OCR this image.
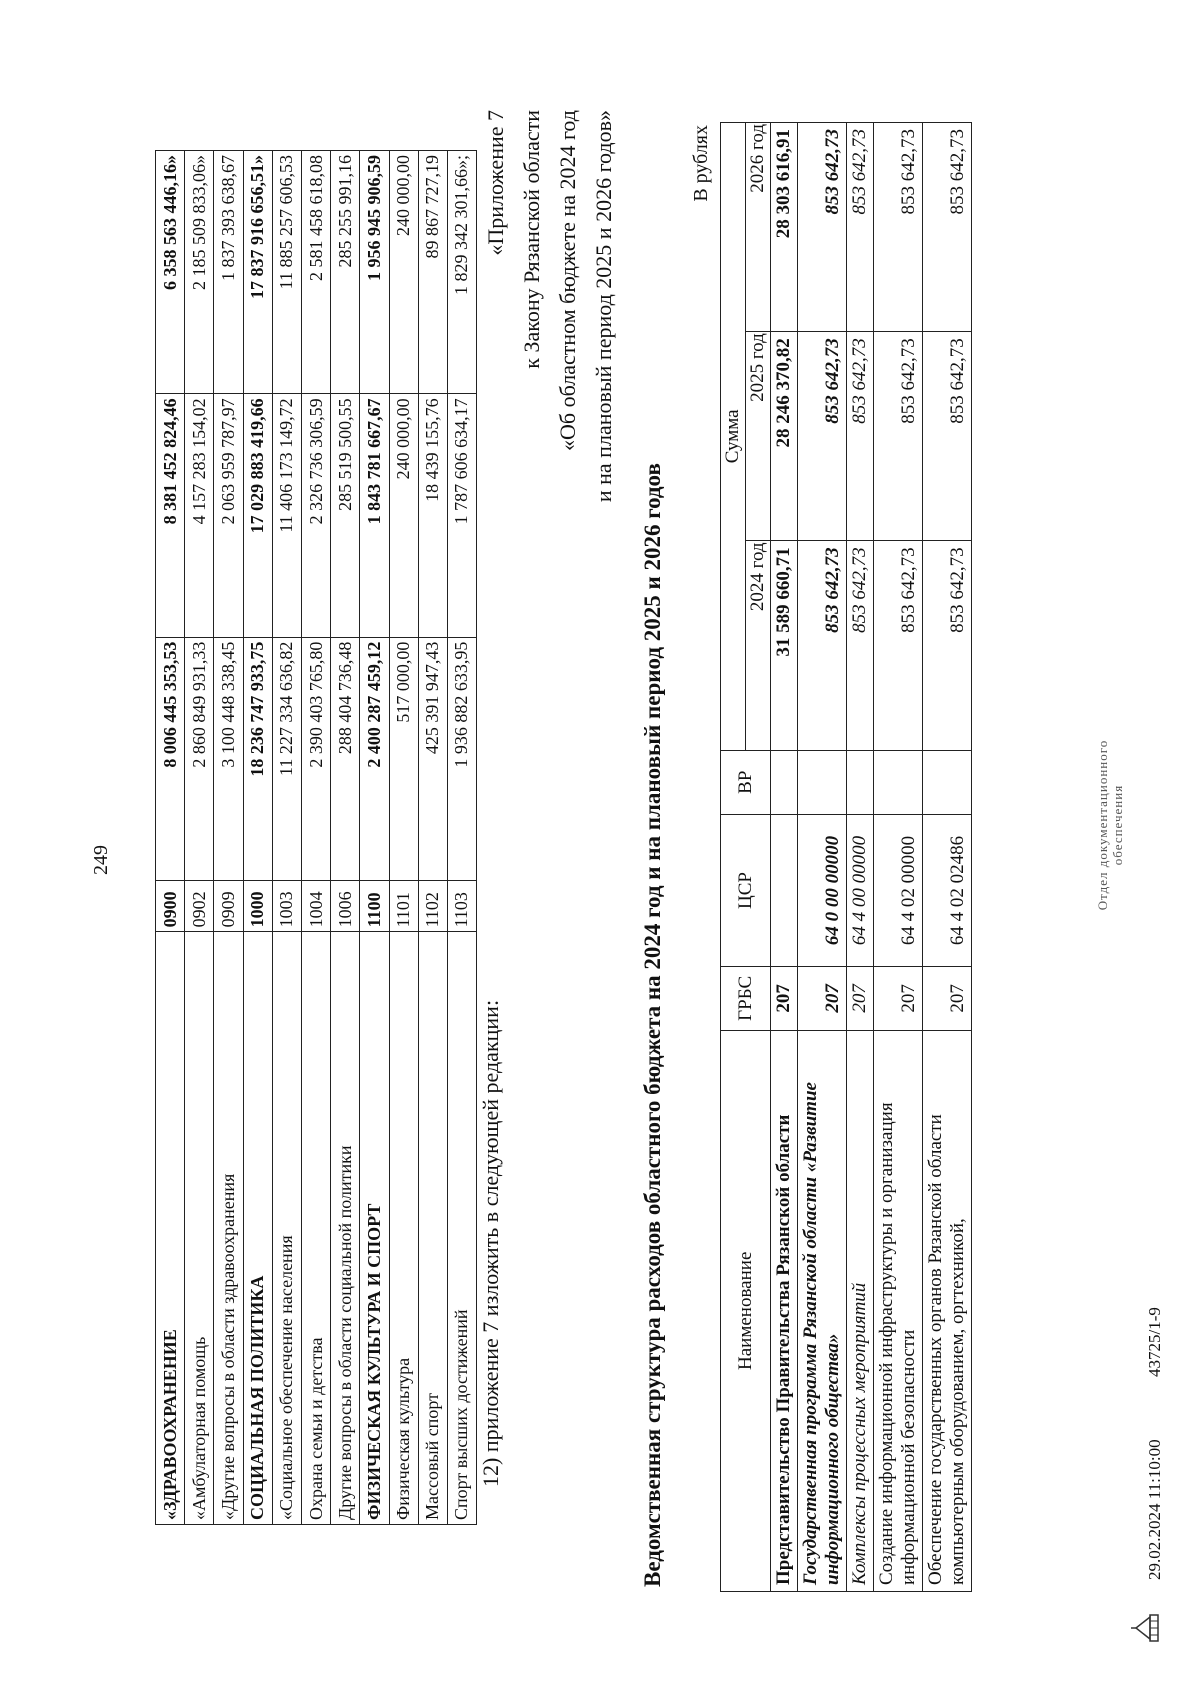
249
«ЗДРАВООХРАНЕНИЕ	0900	8 006 445 353,53	8 381 452 824,46	6 358 563 446,16»
«Амбулаторная помощь	0902	2 860 849 931,33	4 157 283 154,02	2 185 509 833,06»
«Другие вопросы в области здравоохранения	0909	3 100 448 338,45	2 063 959 787,97	1 837 393 638,67
СОЦИАЛЬНАЯ ПОЛИТИКА	1000	18 236 747 933,75	17 029 883 419,66	17 837 916 656,51»
«Социальное обеспечение населения	1003	11 227 334 636,82	11 406 173 149,72	11 885 257 606,53
Охрана семьи и детства	1004	2 390 403 765,80	2 326 736 306,59	2 581 458 618,08
Другие вопросы в области социальной политики	1006	288 404 736,48	285 519 500,55	285 255 991,16
ФИЗИЧЕСКАЯ КУЛЬТУРА И СПОРТ	1100	2 400 287 459,12	1 843 781 667,67	1 956 945 906,59
Физическая культура	1101	517 000,00	240 000,00	240 000,00
Массовый спорт	1102	425 391 947,43	18 439 155,76	89 867 727,19
Спорт высших достижений	1103	1 936 882 633,95	1 787 606 634,17	1 829 342 301,66»;
12) приложение 7 изложить в следующей редакции:
«Приложение 7 к Закону Рязанской области «Об областном бюджете на 2024 год и на плановый период 2025 и 2026 годов»
Ведомственная структура расходов областного бюджета на 2024 год и на плановый период 2025 и 2026 годов
В рублях
Наименование	ГРБС	ЦСР	ВР	Сумма		
				2024 год	2025 год	2026 год
Представительство Правительства Рязанской области	207			31 589 660,71	28 246 370,82	28 303 616,91
Государственная программа Рязанской области «Развитие информационного общества»	207	64 0 00 00000		853 642,73	853 642,73	853 642,73
Комплексы процессных мероприятий	207	64 4 00 00000		853 642,73	853 642,73	853 642,73
Создание информационной инфраструктуры и организация информационной безопасности	207	64 4 02 00000		853 642,73	853 642,73	853 642,73
Обеспечение государственных органов Рязанской области компьютерным оборудованием, оргтехникой,	207	64 4 02 02486		853 642,73	853 642,73	853 642,73
29.02.2024 11:10:00
43725/1-9
Отдел документационного обеспечения
